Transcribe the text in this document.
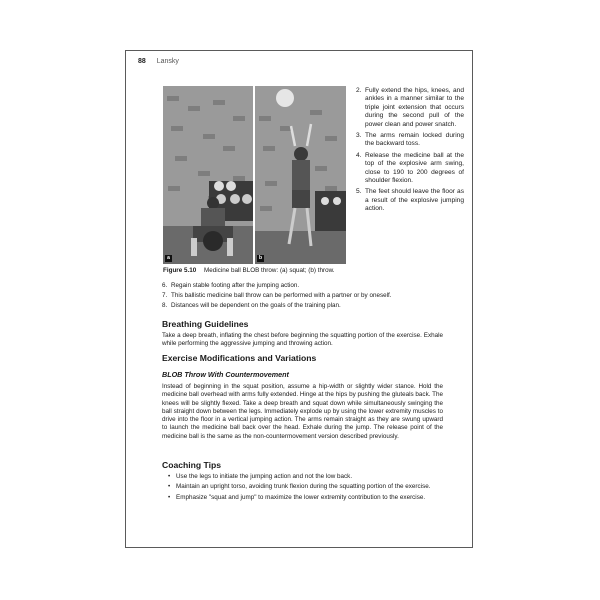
88 Lansky
a	b
Figure 5.10 Medicine ball BLOB throw: (a) squat; (b) throw.
2. Fully extend the hips, knees, and ankles in a manner similar to the triple joint extension that occurs during the second pull of the power clean and power snatch.
3. The arms remain locked during the backward toss.
4. Release the medicine ball at the top of the explosive arm swing, close to 190 to 200 degrees of shoulder flexion.
5. The feet should leave the floor as a result of the explosive jumping action.
6. Regain stable footing after the jumping action.
7. This ballistic medicine ball throw can be performed with a partner or by oneself.
8. Distances will be dependent on the goals of the training plan.
Breathing Guidelines
Take a deep breath, inflating the chest before beginning the squatting portion of the exercise. Exhale while performing the aggressive jumping and throwing action.
Exercise Modifications and Variations
BLOB Throw With Countermovement
Instead of beginning in the squat position, assume a hip-width or slightly wider stance. Hold the medicine ball overhead with arms fully extended. Hinge at the hips by pushing the gluteals back. The knees will be slightly flexed. Take a deep breath and squat down while simultaneously swinging the ball straight down between the legs. Immediately explode up by using the lower extremity muscles to drive into the floor in a vertical jumping action. The arms remain straight as they are swung upward to launch the medicine ball back over the head. Exhale during the jump. The release point of the medicine ball is the same as the non-countermovement version described previously.
Coaching Tips
• Use the legs to initiate the jumping action and not the low back.
• Maintain an upright torso, avoiding trunk flexion during the squatting portion of the exercise.
• Emphasize "squat and jump" to maximize the lower extremity contribution to the exercise.
